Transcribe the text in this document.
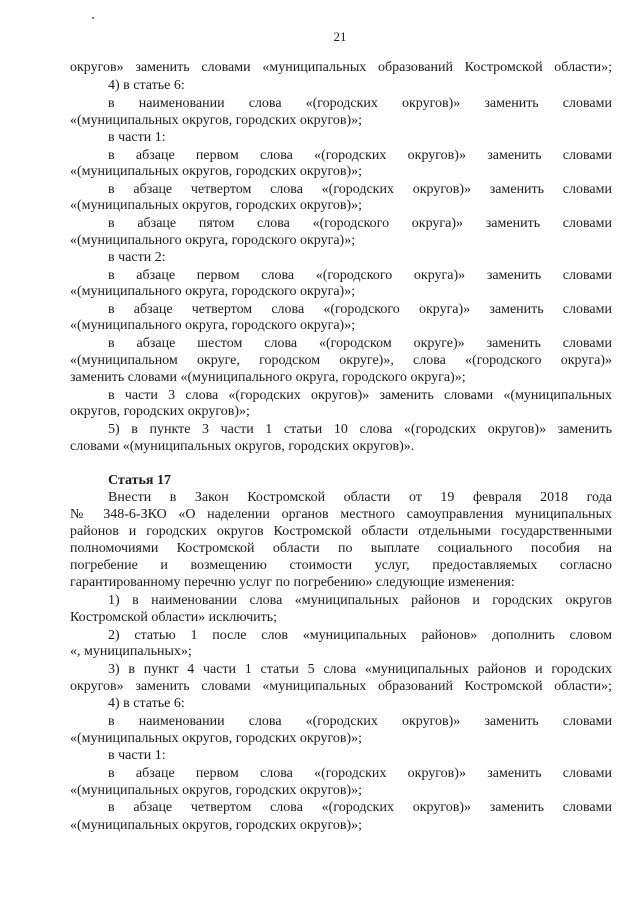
21
округов» заменить словами «муниципальных образований Костромской области»;
4) в статье 6:
в наименовании слова «(городских округов)» заменить словами
«(муниципальных округов, городских округов)»;
в части 1:
в абзаце первом слова «(городских округов)» заменить словами
«(муниципальных округов, городских округов)»;
в абзаце четвертом слова «(городских округов)» заменить словами
«(муниципальных округов, городских округов)»;
в абзаце пятом слова «(городского округа)» заменить словами
«(муниципального округа, городского округа)»;
в части 2:
в абзаце первом слова «(городского округа)» заменить словами
«(муниципального округа, городского округа)»;
в абзаце четвертом слова «(городского округа)» заменить словами
«(муниципального округа, городского округа)»;
в абзаце шестом слова «(городском округе)» заменить словами
«(муниципальном округе, городском округе)», слова «(городского округа)»
заменить словами «(муниципального округа, городского округа)»;
в части 3 слова «(городских округов)» заменить словами «(муниципальных
округов, городских округов)»;
5) в пункте 3 части 1 статьи 10 слова «(городских округов)» заменить
словами «(муниципальных округов, городских округов)».
Статья 17
Внести в Закон Костромской области от 19 февраля 2018 года
№ 348-6-ЗКО «О наделении органов местного самоуправления муниципальных
районов и городских округов Костромской области отдельными государственными
полномочиями Костромской области по выплате социального пособия на
погребение и возмещению стоимости услуг, предоставляемых согласно
гарантированному перечню услуг по погребению» следующие изменения:
1) в наименовании слова «муниципальных районов и городских округов
Костромской области» исключить;
2) статью 1 после слов «муниципальных районов» дополнить словом
«, муниципальных»;
3) в пункт 4 части 1 статьи 5 слова «муниципальных районов и городских
округов» заменить словами «муниципальных образований Костромской области»;
4) в статье 6:
в наименовании слова «(городских округов)» заменить словами
«(муниципальных округов, городских округов)»;
в части 1:
в абзаце первом слова «(городских округов)» заменить словами
«(муниципальных округов, городских округов)»;
в абзаце четвертом слова «(городских округов)» заменить словами
«(муниципальных округов, городских округов)»;
